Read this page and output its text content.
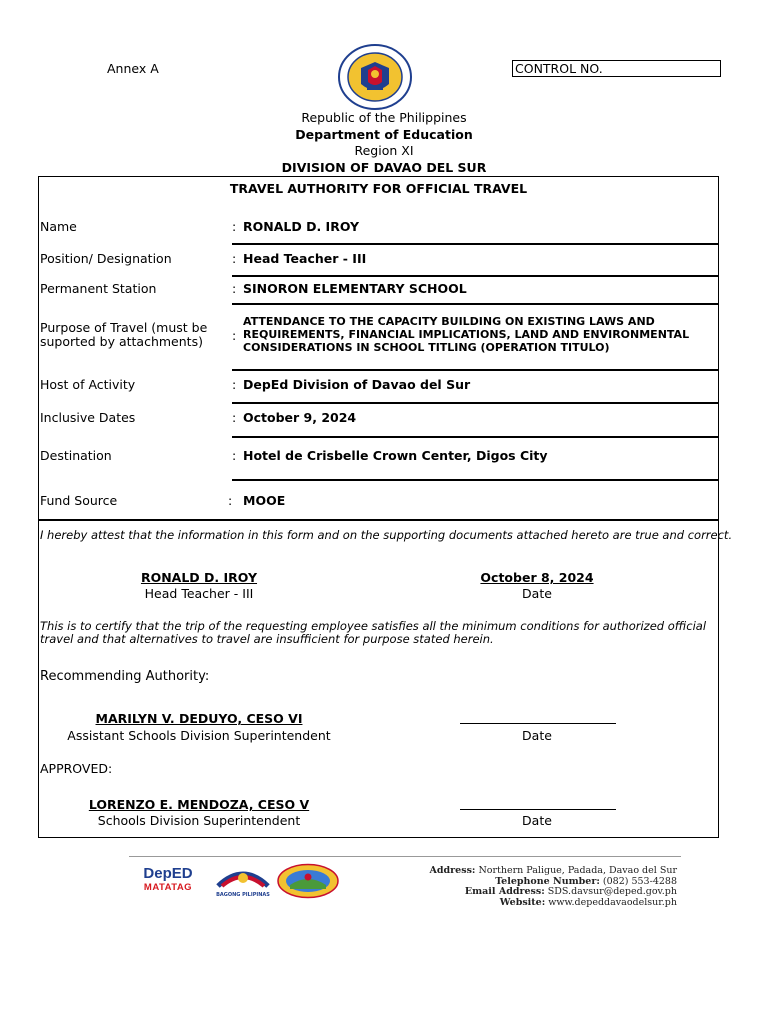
Annex A	CONTROL NO.
Republic of the Philippines
Department of Education
Region XI
DIVISION OF DAVAO DEL SUR
TRAVEL AUTHORITY FOR OFFICIAL TRAVEL
Name	: RONALD D. IROY
Position/ Designation	: Head Teacher - III
Permanent Station	: SINORON ELEMENTARY SCHOOL
Purpose of Travel (must be
suported by attachments)	:
ATTENDANCE TO THE CAPACITY BUILDING ON EXISTING LAWS AND REQUIREMENTS, FINANCIAL IMPLICATIONS, LAND AND ENVIRONMENTAL CONSIDERATIONS IN SCHOOL TITLING (OPERATION TITULO)
Host of Activity	: DepEd Division of Davao del Sur
Inclusive Dates	: October 9, 2024
Destination	: Hotel de Crisbelle Crown Center, Digos City
Fund Source	: MOOE
I hereby attest that the information in this form and on the supporting documents attached hereto are true and correct.
RONALD D. IROY
Head Teacher - III
October 8, 2024
Date
This is to certify that the trip of the requesting employee satisfies all the minimum conditions for authorized official travel and that alternatives to travel are insufficient for purpose stated herein.
Recommending Authority:
MARILYN V. DEDUYO, CESO VI
Assistant Schools Division Superintendent	Date
APPROVED:
LORENZO E. MENDOZA, CESO V
Schools Division Superintendent	Date
DepED
MATATAG
BAGONG PILIPINAS
Address: Northern Paligue, Padada, Davao del Sur
Telephone Number: (082) 553-4288
Email Address: SDS.davsur@deped.gov.ph
Website: www.depeddavaodelsur.ph
